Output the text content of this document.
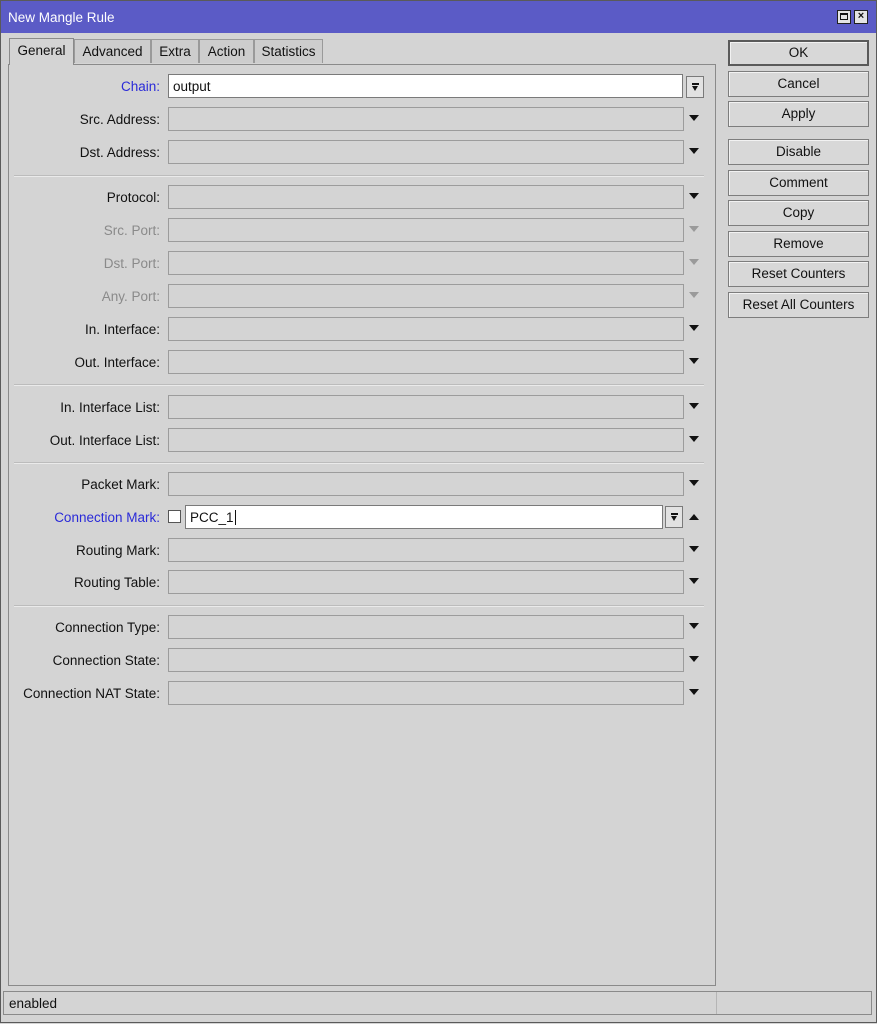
New Mangle Rule	×
General	Advanced	Extra	Action	Statistics
Chain: output
Src. Address:
Dst. Address:
Protocol:
Src. Port:
Dst. Port:
Any. Port:
In. Interface:
Out. Interface:
In. Interface List:
Out. Interface List:
Packet Mark:
Connection Mark: PCC_1
Routing Mark:
Routing Table:
Connection Type:
Connection State:
Connection NAT State:
OK
Cancel
Apply
Disable
Comment
Copy
Remove
Reset Counters
Reset All Counters
enabled
